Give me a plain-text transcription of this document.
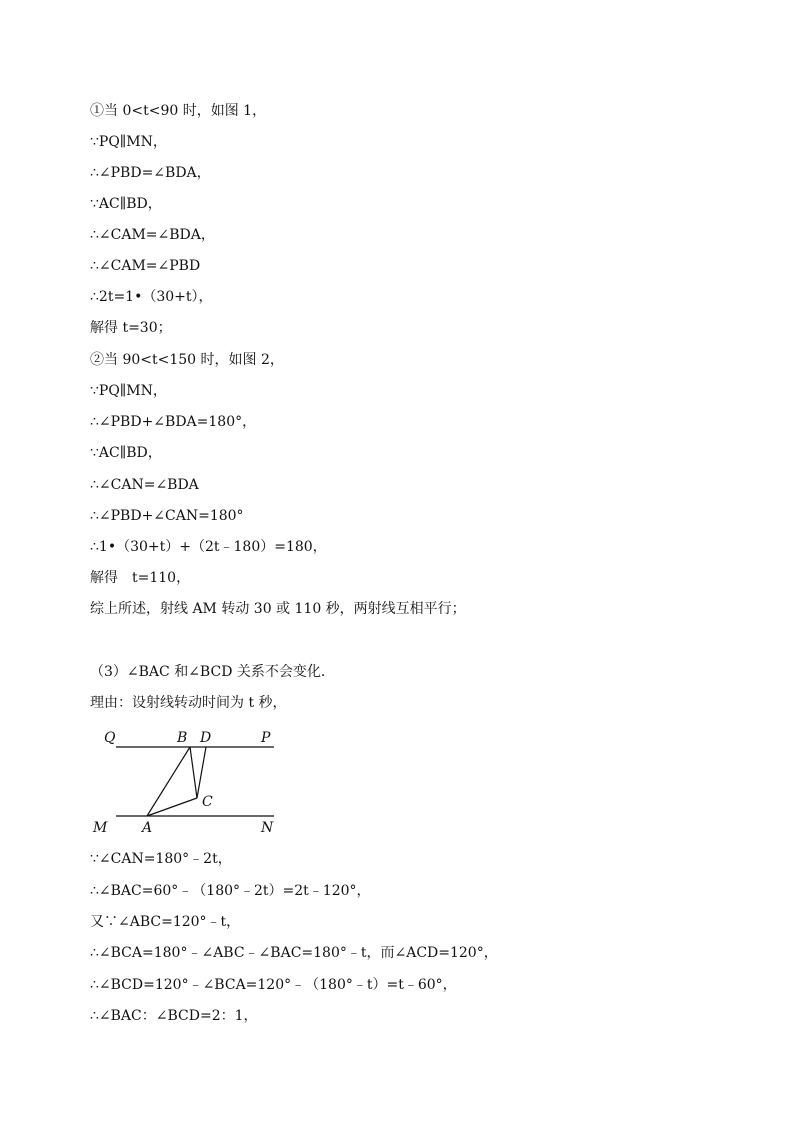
①当 0<t<90 时，如图 1，
∵PQ∥MN，
∴∠PBD=∠BDA，
∵AC∥BD，
∴∠CAM=∠BDA，
∴∠CAM=∠PBD
∴2t=1•（30+t），
解得 t=30；
②当 90<t<150 时，如图 2，
∵PQ∥MN，
∴∠PBD+∠BDA=180°，
∵AC∥BD，
∴∠CAN=∠BDA
∴∠PBD+∠CAN=180°
∴1•（30+t）+（2t﹣180）=180，
解得　t=110，
综上所述，射线 AM 转动 30 或 110 秒，两射线互相平行；
（3）∠BAC 和∠BCD 关系不会变化．
理由：设射线转动时间为 t 秒，
Q	B D	P
C
M A	N
∵∠CAN=180°﹣2t，
∴∠BAC=60°﹣（180°﹣2t）=2t﹣120°，
又∵∠ABC=120°﹣t，
∴∠BCA=180°﹣∠ABC﹣∠BAC=180°﹣t，而∠ACD=120°，
∴∠BCD=120°﹣∠BCA=120°﹣（180°﹣t）=t﹣60°，
∴∠BAC：∠BCD=2：1，
